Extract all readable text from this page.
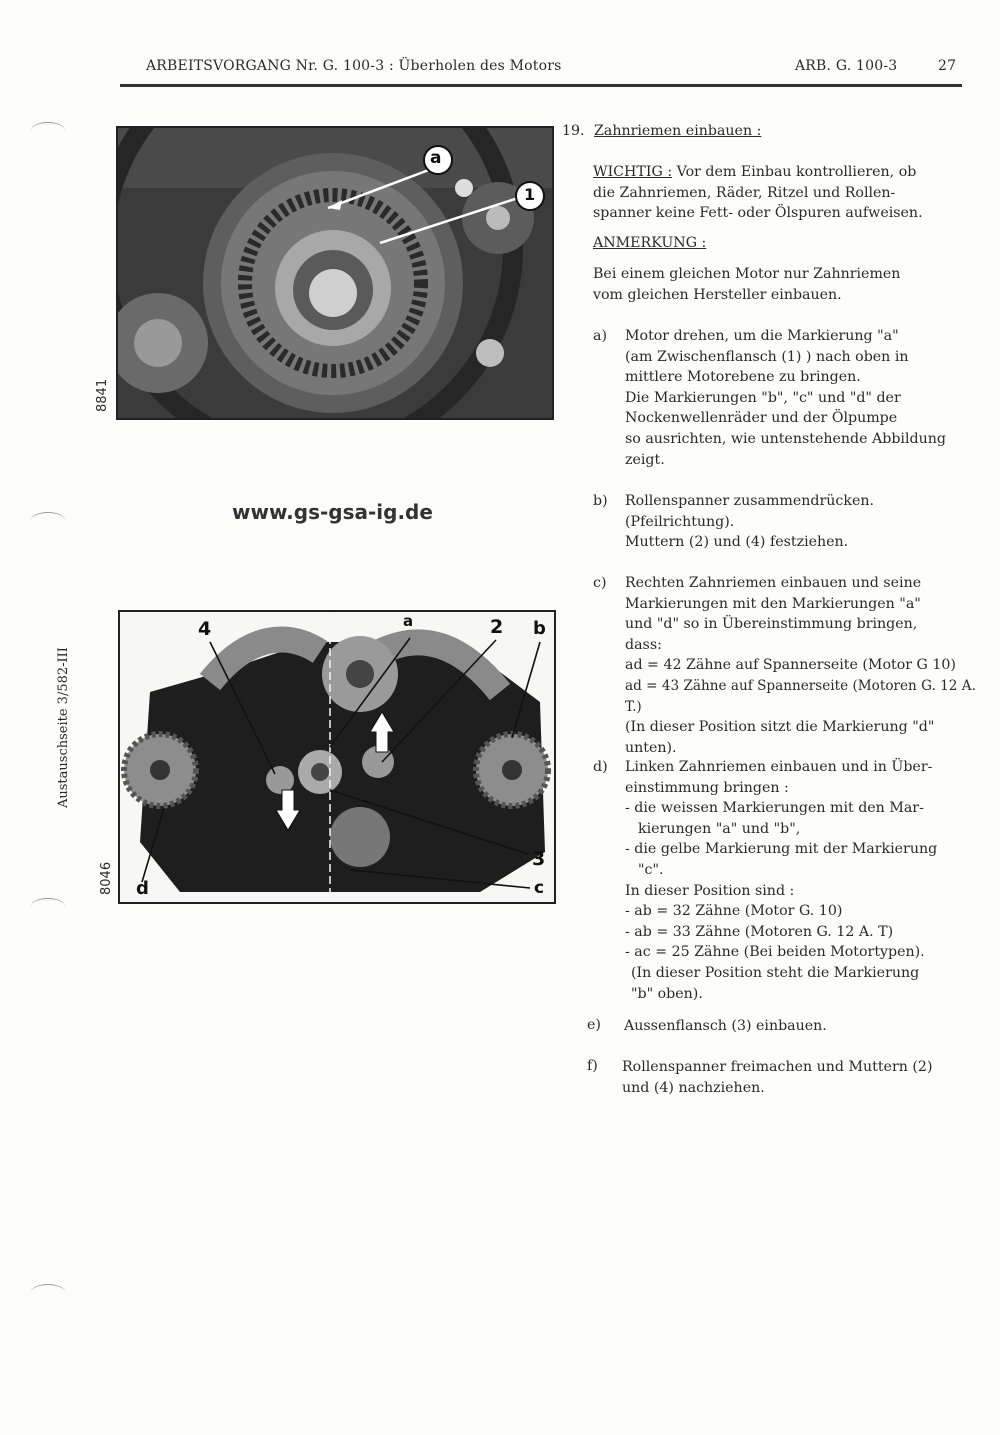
ARBEITSVORGANG Nr. G. 100-3 : Überholen des Motors	ARB. G. 100-3	27
a
1
8841
www.gs-gsa-ig.de
4	a	2 b
3
c
d
8046
Austauschseite 3/582-III
19. Zahnriemen einbauen :
WICHTIG : Vor dem Einbau kontrollieren, ob
die Zahnriemen, Räder, Ritzel und Rollen-
spanner keine Fett- oder Ölspuren aufweisen.
ANMERKUNG :
Bei einem gleichen Motor nur Zahnriemen
vom gleichen Hersteller einbauen.
a) Motor drehen, um die Markierung "a"
(am Zwischenflansch (1) ) nach oben in
mittlere Motorebene zu bringen.
Die Markierungen "b", "c" und "d" der
Nockenwellenräder und der Ölpumpe
so ausrichten, wie untenstehende Abbildung
zeigt.
b) Rollenspanner zusammendrücken.
(Pfeilrichtung).
Muttern (2) und (4) festziehen.
c) Rechten Zahnriemen einbauen und seine
Markierungen mit den Markierungen "a"
und "d" so in Übereinstimmung bringen,
dass:
ad = 42 Zähne auf Spannerseite (Motor G 10)
ad = 43 Zähne auf Spannerseite (Motoren G. 12 A. T.)
(In dieser Position sitzt die Markierung "d"
unten).
d) Linken Zahnriemen einbauen und in Über-
einstimmung bringen :
- die weissen Markierungen mit den Mar-
kierungen "a" und "b",
- die gelbe Markierung mit der Markierung
"c".
In dieser Position sind :
- ab = 32 Zähne (Motor G. 10)
- ab = 33 Zähne (Motoren G. 12 A. T)
- ac = 25 Zähne (Bei beiden Motortypen).
(In dieser Position steht die Markierung
"b" oben).
e) Aussenflansch (3) einbauen.
f) Rollenspanner freimachen und Muttern (2)
und (4) nachziehen.
